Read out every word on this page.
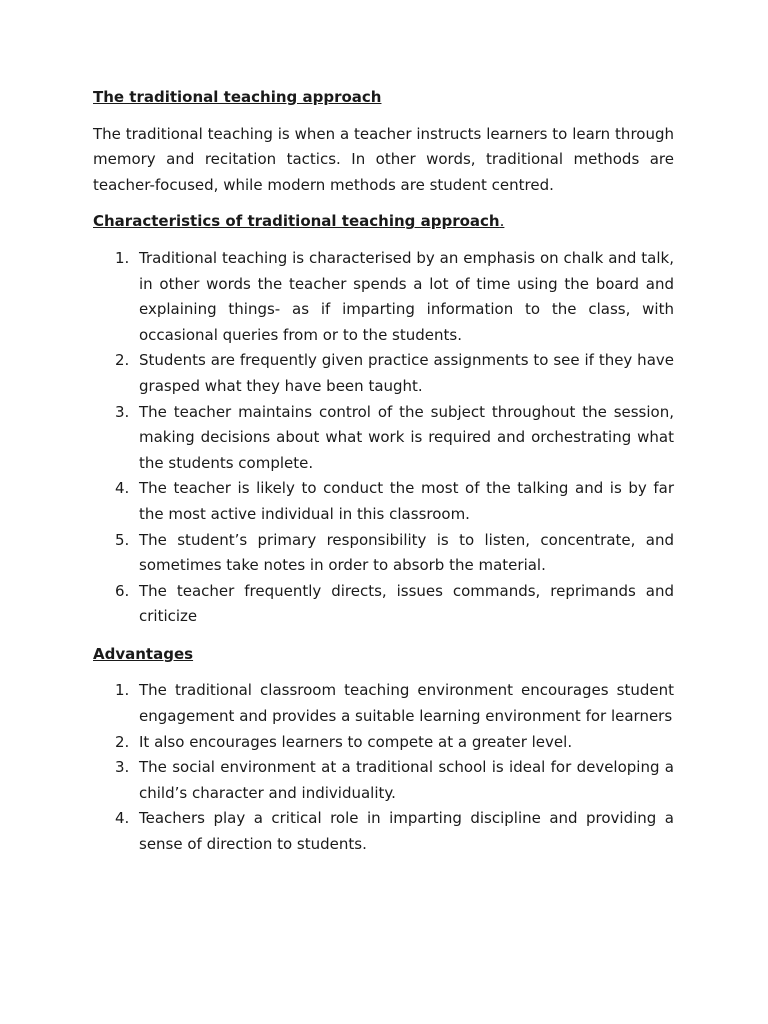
The traditional teaching approach

The traditional teaching is when a teacher instructs learners to learn through memory and recitation tactics. In other words, traditional methods are teacher-focused, while modern methods are student centred.

Characteristics of traditional teaching approach.

1. Traditional teaching is characterised by an emphasis on chalk and talk, in other words the teacher spends a lot of time using the board and explaining things- as if imparting information to the class, with occasional queries from or to the students.
2. Students are frequently given practice assignments to see if they have grasped what they have been taught.
3. The teacher maintains control of the subject throughout the session, making decisions about what work is required and orchestrating what the students complete.
4. The teacher is likely to conduct the most of the talking and is by far the most active individual in this classroom.
5. The student’s primary responsibility is to listen, concentrate, and sometimes take notes in order to absorb the material.
6. The teacher frequently directs, issues commands, reprimands and criticize

Advantages

1. The traditional classroom teaching environment encourages student engagement and provides a suitable learning environment for learners
2. It also encourages learners to compete at a greater level.
3. The social environment at a traditional school is ideal for developing a child’s character and individuality.
4. Teachers play a critical role in imparting discipline and providing a sense of direction to students.
